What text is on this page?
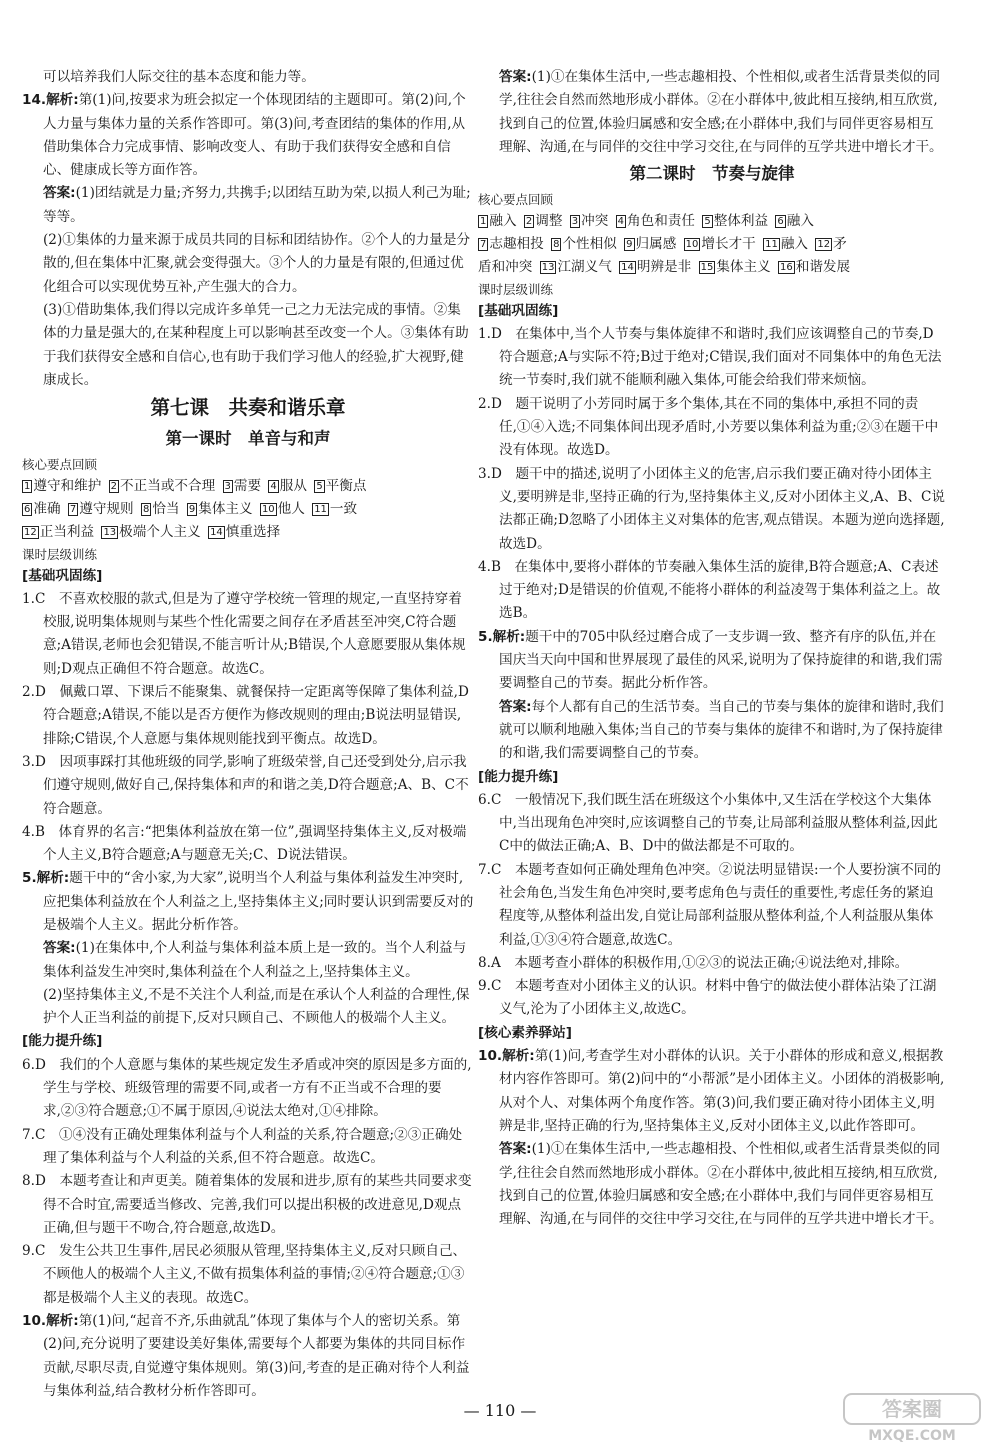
可以培养我们人际交往的基本态度和能力等。

14.解析:第(1)问,按要求为班会拟定一个体现团结的主题即可。第(2)问,个人力量与集体力量的关系作答即可。第(3)问,考查团结的集体的作用,从借助集体合力完成事情、影响改变人、有助于我们获得安全感和自信心、健康成长等方面作答。

答案:(1)团结就是力量;齐努力,共携手;以团结互助为荣,以损人利己为耻;等等。

(2)①集体的力量来源于成员共同的目标和团结协作。②个人的力量是分散的,但在集体中汇聚,就会变得强大。③个人的力量是有限的,但通过优化组合可以实现优势互补,产生强大的合力。

(3)①借助集体,我们得以完成许多单凭一己之力无法完成的事情。②集体的力量是强大的,在某种程度上可以影响甚至改变一个人。③集体有助于我们获得安全感和自信心,也有助于我们学习他人的经验,扩大视野,健康成长。

第七课　共奏和谐乐章
第一课时　单音与和声

核心要点回顾

1 遵守和维护 2 不正当或不合理 3 需要 4 服从 5 平衡点
6 准确 7 遵守规则 8 恰当 9 集体主义 10 他人 11 一致
12 正当利益 13 极端个人主义 14 慎重选择

课时层级训练

[基础巩固练]

1.C　不喜欢校服的款式,但是为了遵守学校统一管理的规定,一直坚持穿着校服,说明集体规则与某些个性化需要之间存在矛盾甚至冲突,C符合题意;A错误,老师也会犯错误,不能言听计从;B错误,个人意愿要服从集体规则;D观点正确但不符合题意。故选C。

2.D　佩戴口罩、下课后不能聚集、就餐保持一定距离等保障了集体利益,D符合题意;A错误,不能以是否方便作为修改规则的理由;B说法明显错误,排除;C错误,个人意愿与集体规则能找到平衡点。故选D。

3.D　因项事踩打其他班级的同学,影响了班级荣誉,自己还受到处分,启示我们遵守规则,做好自己,保持集体和声的和谐之美,D符合题意;A、B、C不符合题意。

4.B　体育界的名言:“把集体利益放在第一位”,强调坚持集体主义,反对极端个人主义,B符合题意;A与题意无关;C、D说法错误。

5.解析:题干中的“舍小家,为大家”,说明当个人利益与集体利益发生冲突时,应把集体利益放在个人利益之上,坚持集体主义;同时要认识到需要反对的是极端个人主义。据此分析作答。

答案:(1)在集体中,个人利益与集体利益本质上是一致的。当个人利益与集体利益发生冲突时,集体利益在个人利益之上,坚持集体主义。

(2)坚持集体主义,不是不关注个人利益,而是在承认个人利益的合理性,保护个人正当利益的前提下,反对只顾自己、不顾他人的极端个人主义。

[能力提升练]

6.D　我们的个人意愿与集体的某些规定发生矛盾或冲突的原因是多方面的,学生与学校、班级管理的需要不同,或者一方有不正当或不合理的要求,②③符合题意;①不属于原因,④说法太绝对,①④排除。

7.C　①④没有正确处理集体利益与个人利益的关系,符合题意;②③正确处理了集体利益与个人利益的关系,但不符合题意。故选C。

8.D　本题考查让和声更美。随着集体的发展和进步,原有的某些共同要求变得不合时宜,需要适当修改、完善,我们可以提出积极的改进意见,D观点正确,但与题干不吻合,符合题意,故选D。

9.C　发生公共卫生事件,居民必须服从管理,坚持集体主义,反对只顾自己、不顾他人的极端个人主义,不做有损集体利益的事情;②④符合题意;①③都是极端个人主义的表现。故选C。

10.解析:第(1)问,“起音不齐,乐曲就乱”体现了集体与个人的密切关系。第(2)问,充分说明了要建设美好集体,需要每个人都要为集体的共同目标作贡献,尽职尽责,自觉遵守集体规则。第(3)问,考查的是正确对待个人利益与集体利益,结合教材分析作答即可。

答案:(1)①在集体生活中,一些志趣相投、个性相似,或者生活背景类似的同学,往往会自然而然地形成小群体。②在小群体中,彼此相互接纳,相互欣赏,找到自己的位置,体验归属感和安全感;在小群体中,我们与同伴更容易相互理解、沟通,在与同伴的交往中学习交往,在与同伴的互学共进中增长才干。

第二课时　节奏与旋律

核心要点回顾

1 融入 2 调整 3 冲突 4 角色和责任 5 整体利益 6 融入
7 志趣相投 8 个性相似 9 归属感 10 增长才干 11 融入 12 矛
盾和冲突 13 江湖义气 14 明辨是非 15 集体主义 16 和谐发展

课时层级训练

[基础巩固练]

1.D　在集体中,当个人节奏与集体旋律不和谐时,我们应该调整自己的节奏,D符合题意;A与实际不符;B过于绝对;C错误,我们面对不同集体中的角色无法统一节奏时,我们就不能顺利融入集体,可能会给我们带来烦恼。

2.D　题干说明了小芳同时属于多个集体,其在不同的集体中,承担不同的责任,①④入选;不同集体间出现矛盾时,小芳要以集体利益为重;②③在题干中没有体现。故选D。

3.D　题干中的描述,说明了小团体主义的危害,启示我们要正确对待小团体主义,要明辨是非,坚持正确的行为,坚持集体主义,反对小团体主义,A、B、C说法都正确;D忽略了小团体主义对集体的危害,观点错误。本题为逆向选择题,故选D。

4.B　在集体中,要将小群体的节奏融入集体生活的旋律,B符合题意;A、C表述过于绝对;D是错误的价值观,不能将小群体的利益凌驾于集体利益之上。故选B。

5.解析:题干中的705中队经过磨合成了一支步调一致、整齐有序的队伍,并在国庆当天向中国和世界展现了最佳的风采,说明为了保持旋律的和谐,我们需要调整自己的节奏。据此分析作答。

答案:每个人都有自己的生活节奏。当自己的节奏与集体的旋律和谐时,我们就可以顺利地融入集体;当自己的节奏与集体的旋律不和谐时,为了保持旋律的和谐,我们需要调整自己的节奏。

[能力提升练]

6.C　一般情况下,我们既生活在班级这个小集体中,又生活在学校这个大集体中,当出现角色冲突时,应该调整自己的节奏,让局部利益服从整体利益,因此C中的做法正确;A、B、D中的做法都是不可取的。

7.C　本题考查如何正确处理角色冲突。②说法明显错误:一个人要扮演不同的社会角色,当发生角色冲突时,要考虑角色与责任的重要性,考虑任务的紧迫程度等,从整体利益出发,自觉让局部利益服从整体利益,个人利益服从集体利益,①③④符合题意,故选C。

8.A　本题考查小群体的积极作用,①②③的说法正确;④说法绝对,排除。

9.C　本题考查对小团体主义的认识。材料中鲁宁的做法使小群体沾染了江湖义气,沦为了小团体主义,故选C。

[核心素养驿站]

10.解析:第(1)问,考查学生对小群体的认识。关于小群体的形成和意义,根据教材内容作答即可。第(2)问中的“小帮派”是小团体主义。小团体的消极影响,从对个人、对集体两个角度作答。第(3)问,我们要正确对待小团体主义,明辨是非,坚持正确的行为,坚持集体主义,反对小团体主义,以此作答即可。

答案:(1)①在集体生活中,一些志趣相投、个性相似,或者生活背景类似的同学,往往会自然而然地形成小群体。②在小群体中,彼此相互接纳,相互欣赏,找到自己的位置,体验归属感和安全感;在小群体中,我们与同伴更容易相互理解、沟通,在与同伴的交往中学习交往,在与同伴的互学共进中增长才干。

— 110 —	答案圈
MXQE.COM
